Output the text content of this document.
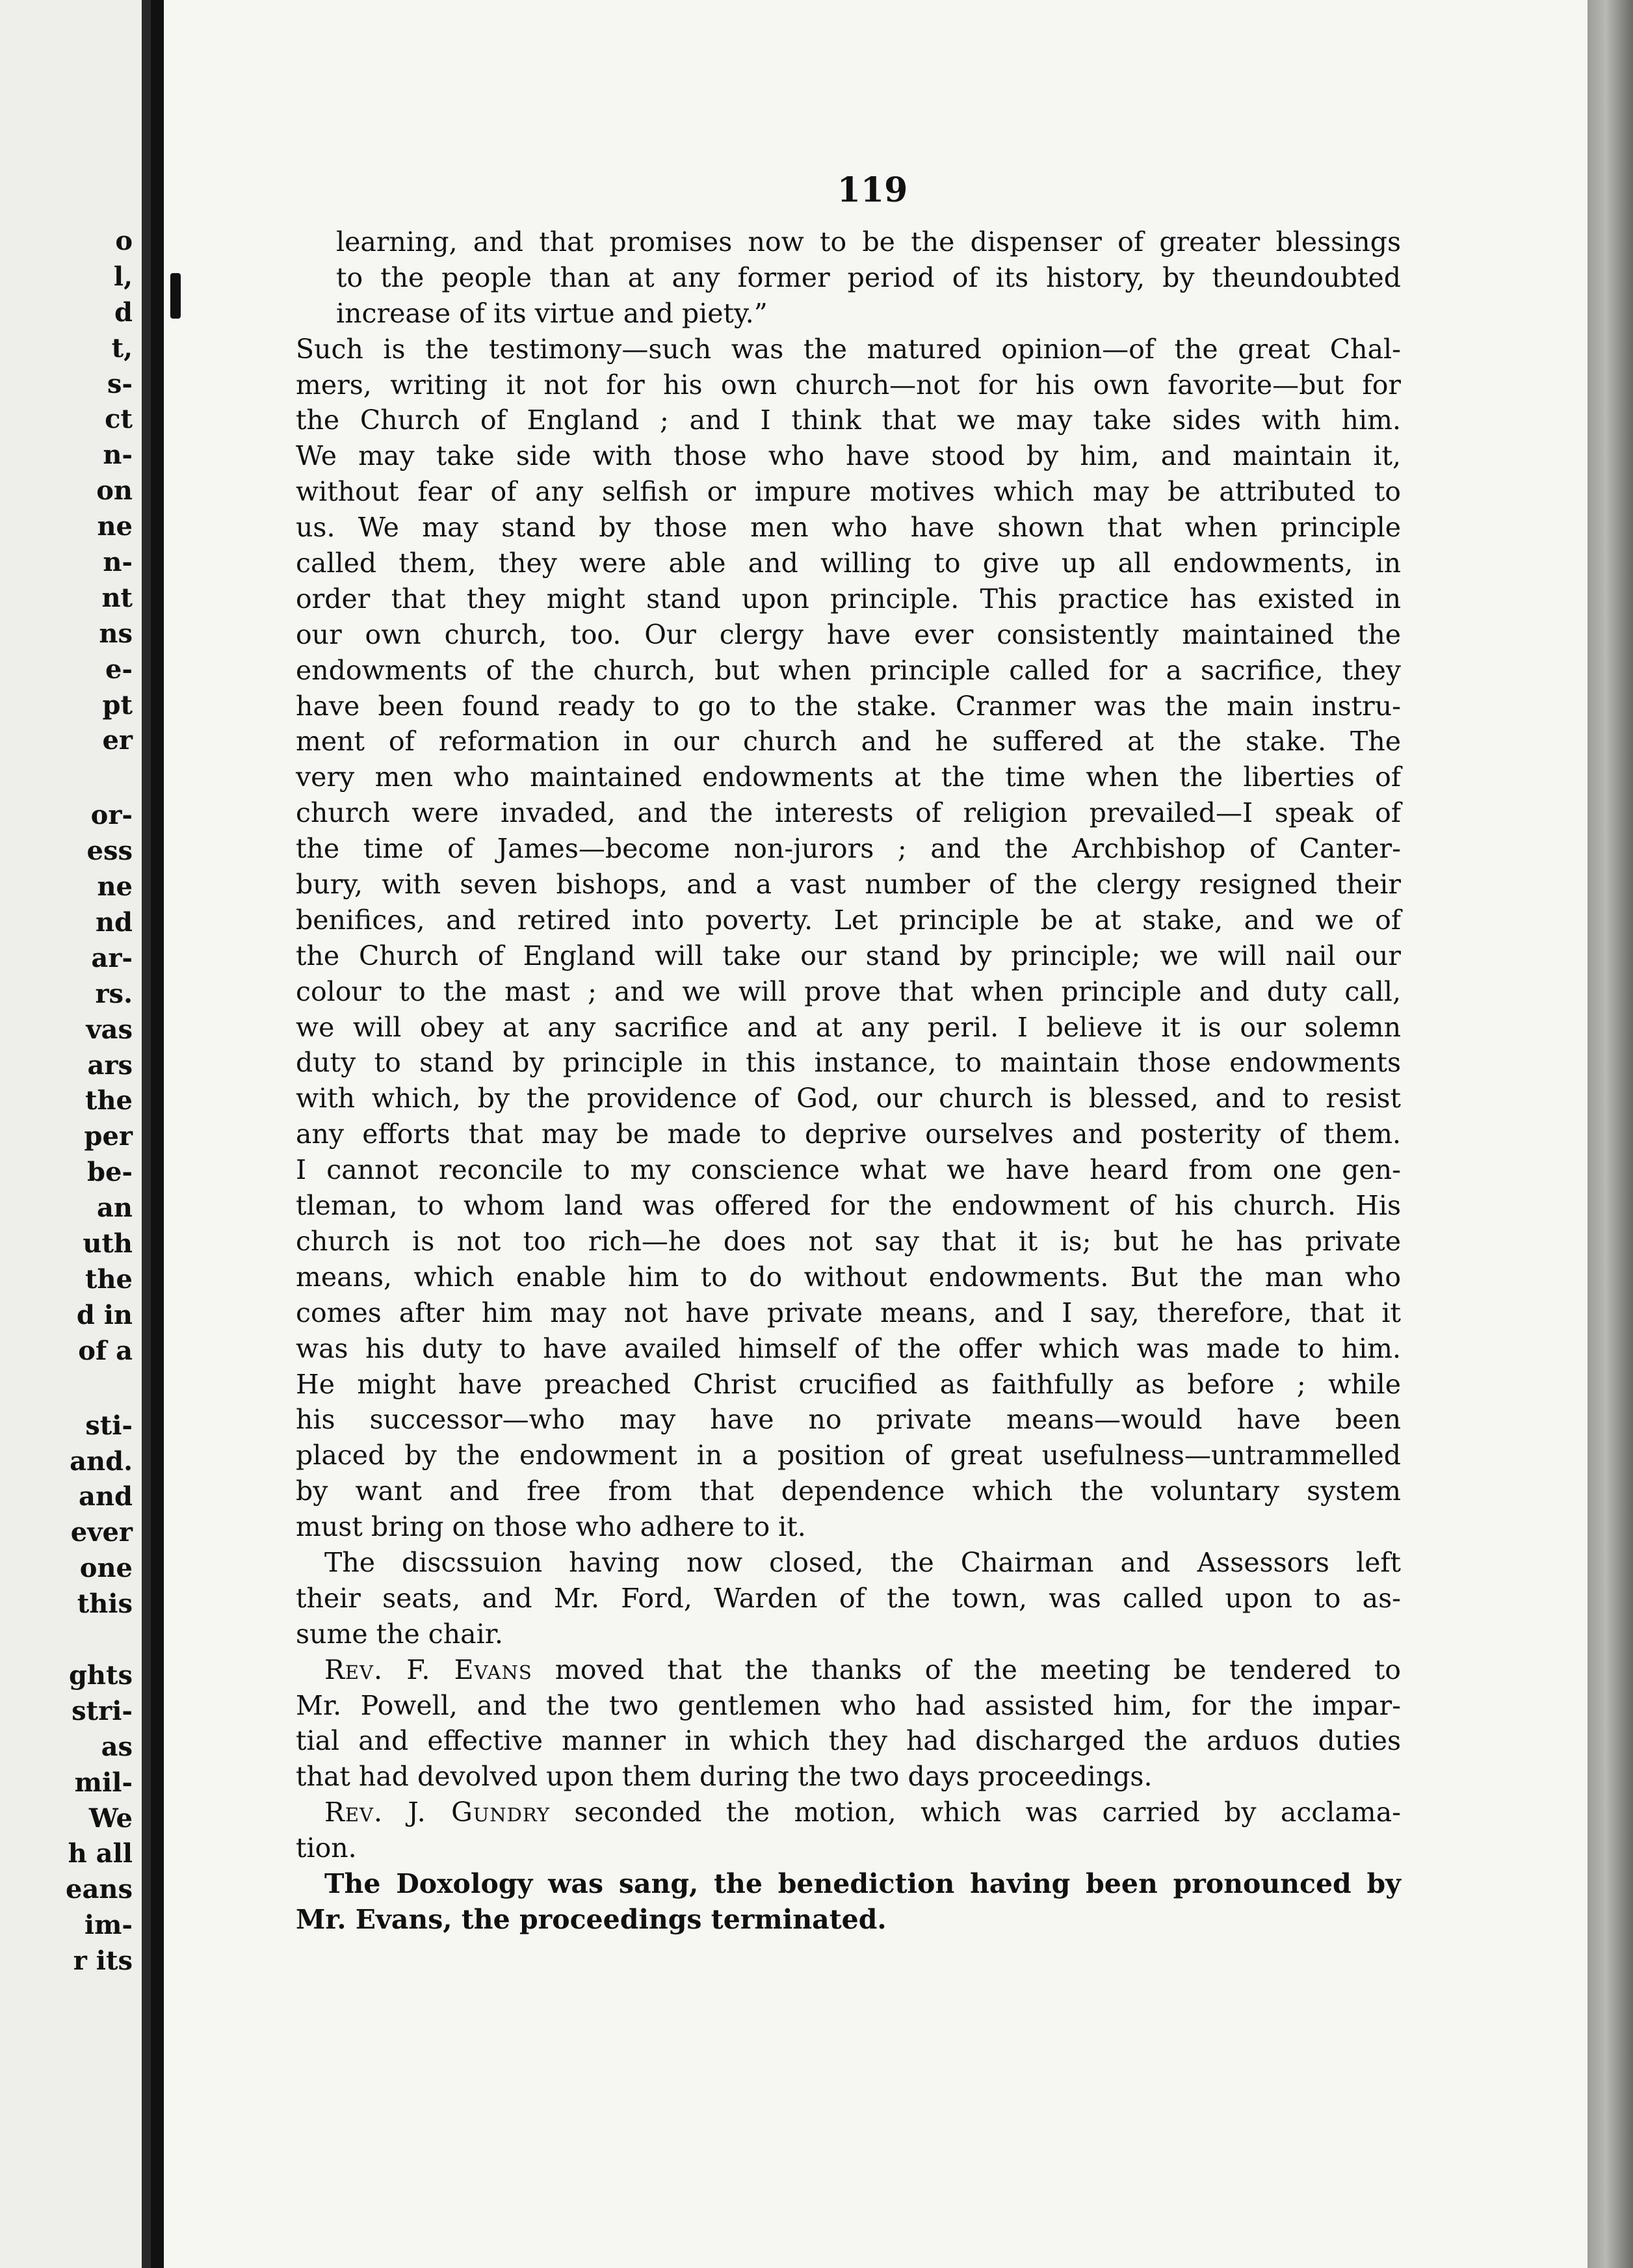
o
l,
d
t,
s-
ct
n-
on
ne
n-
nt
ns
e-
pt
er
or-
ess
ne
nd
ar-
rs.
vas
ars
the
per
be-
an
uth
the
d in
of a
sti-
and.
and
ever
one
this
ghts
stri-
as
mil-
We
h all
eans
im-
r its
119
learning, and that promises now to be the dispenser of greater blessings
to the people than at any former period of its history, by theundoubted
increase of its virtue and piety.”
Such is the testimony—such was the matured opinion—of the great Chal-
mers, writing it not for his own church—not for his own favorite—but for
the Church of England ; and I think that we may take sides with him.
We may take side with those who have stood by him, and maintain it,
without fear of any selfish or impure motives which may be attributed to
us. We may stand by those men who have shown that when principle
called them, they were able and willing to give up all endowments, in
order that they might stand upon principle. This practice has existed in
our own church, too. Our clergy have ever consistently maintained the
endowments of the church, but when principle called for a sacrifice, they
have been found ready to go to the stake. Cranmer was the main instru-
ment of reformation in our church and he suffered at the stake. The
very men who maintained endowments at the time when the liberties of
church were invaded, and the interests of religion prevailed—I speak of
the time of James—become non-jurors ; and the Archbishop of Canter-
bury, with seven bishops, and a vast number of the clergy resigned their
benifices, and retired into poverty. Let principle be at stake, and we of
the Church of England will take our stand by principle; we will nail our
colour to the mast ; and we will prove that when principle and duty call,
we will obey at any sacrifice and at any peril. I believe it is our solemn
duty to stand by principle in this instance, to maintain those endowments
with which, by the providence of God, our church is blessed, and to resist
any efforts that may be made to deprive ourselves and posterity of them.
I cannot reconcile to my conscience what we have heard from one gen-
tleman, to whom land was offered for the endowment of his church. His
church is not too rich—he does not say that it is; but he has private
means, which enable him to do without endowments. But the man who
comes after him may not have private means, and I say, therefore, that it
was his duty to have availed himself of the offer which was made to him.
He might have preached Christ crucified as faithfully as before ; while
his successor—who may have no private means—would have been
placed by the endowment in a position of great usefulness—untrammelled
by want and free from that dependence which the voluntary system
must bring on those who adhere to it.
The discssuion having now closed, the Chairman and Assessors left
their seats, and Mr. Ford, Warden of the town, was called upon to as-
sume the chair.
Rev. F. Evans moved that the thanks of the meeting be tendered to
Mr. Powell, and the two gentlemen who had assisted him, for the impar-
tial and effective manner in which they had discharged the arduos duties
that had devolved upon them during the two days proceedings.
Rev. J. Gundry seconded the motion, which was carried by acclama-
tion.
The Doxology was sang, the benediction having been pronounced by
Mr. Evans, the proceedings terminated.
